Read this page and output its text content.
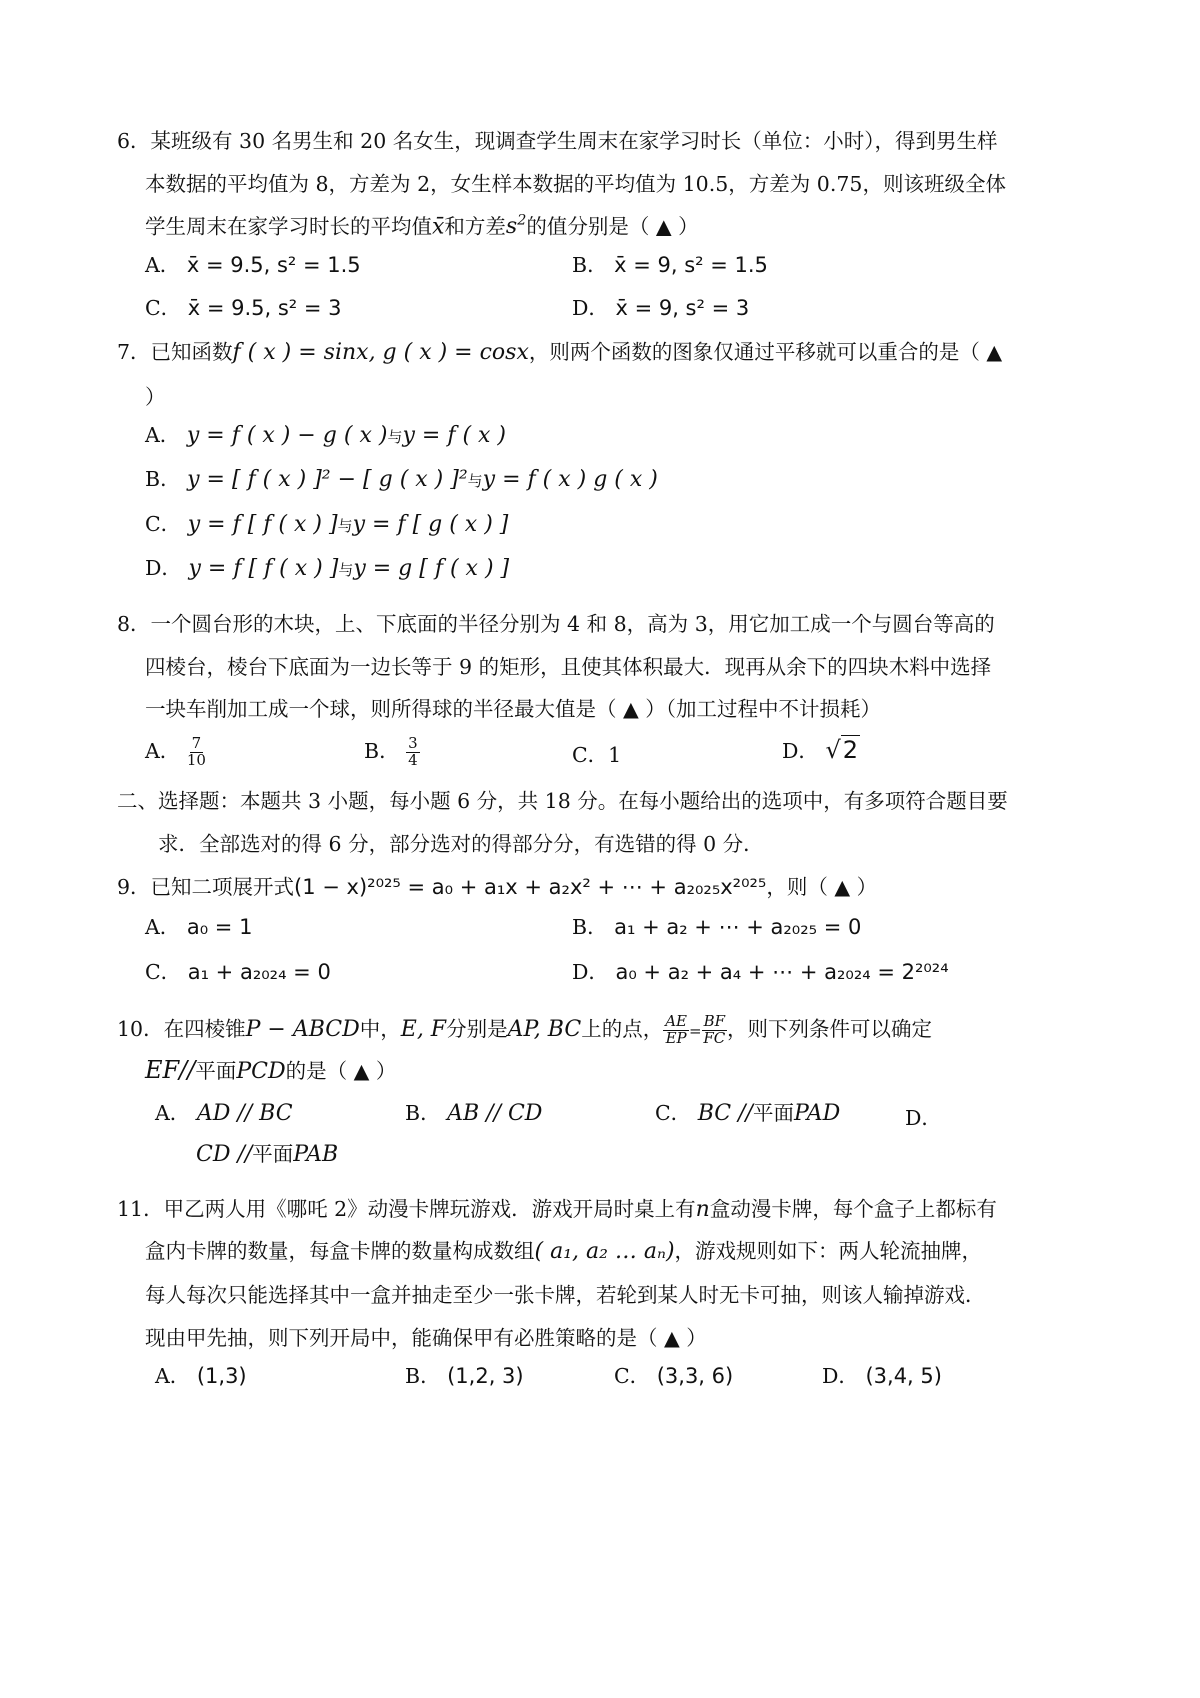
6．某班级有 30 名男生和 20 名女生，现调查学生周末在家学习时长（单位：小时），得到男生样
本数据的平均值为 8，方差为 2，女生样本数据的平均值为 10.5，方差为 0.75，则该班级全体
学生周末在家学习时长的平均值x̄和方差$s^2$的值分别是（ ▲ ）
A． x̄ = 9.5, s² = 1.5	B． x̄ = 9, s² = 1.5
C． x̄ = 9.5, s² = 3	D． x̄ = 9, s² = 3
7．已知函数f ( x ) = sinx, g ( x ) = cosx，则两个函数的图象仅通过平移就可以重合的是（ ▲
）
A． y = f ( x ) − g ( x )与y = f ( x )
B． y = [ f ( x ) ]² − [ g ( x ) ]²与y = f ( x ) g ( x )
C． y = f [ f ( x ) ]与y = f [ g ( x ) ]
D． y = f [ f ( x ) ]与y = g [ f ( x ) ]
8．一个圆台形的木块，上、下底面的半径分别为 4 和 8，高为 3，用它加工成一个与圆台等高的
四棱台，棱台下底面为一边长等于 9 的矩形，且使其体积最大．现再从余下的四块木料中选择
一块车削加工成一个球，则所得球的半径最大值是（ ▲ ）（加工过程中不计损耗）
A． $\frac{7}{10}$	B． $\frac{3}{4}$	C．1	D． √2
二、选择题：本题共 3 小题，每小题 6 分，共 18 分。在每小题给出的选项中，有多项符合题目要
求．全部选对的得 6 分，部分选对的得部分分，有选错的得 0 分．
9．已知二项展开式(1 − x)²⁰²⁵ = a₀ + a₁x + a₂x² + ⋯ + a₂₀₂₅x²⁰²⁵，则（ ▲ ）
A． a₀ = 1	B． a₁ + a₂ + ⋯ + a₂₀₂₅ = 0
C． a₁ + a₂₀₂₄ = 0	D． a₀ + a₂ + a₄ + ⋯ + a₂₀₂₄ = 2²⁰²⁴
10．在四棱锥P − ABCD中，E, F分别是AP, BC上的点， $\frac{AE}{EP} = \frac{BF}{FC}$ ，则下列条件可以确定
EF//平面PCD的是（ ▲ ）
A． AD // BC	B． AB // CD	C． BC //平面PAD	D．
CD //平面PAB
11．甲乙两人用《哪吒 2》动漫卡牌玩游戏．游戏开局时桌上有n盒动漫卡牌，每个盒子上都标有
盒内卡牌的数量，每盒卡牌的数量构成数组( a₁, a₂ … aₙ)，游戏规则如下：两人轮流抽牌，
每人每次只能选择其中一盒并抽走至少一张卡牌，若轮到某人时无卡可抽，则该人输掉游戏．
现由甲先抽，则下列开局中，能确保甲有必胜策略的是（ ▲ ）
A． (1,3)	B． (1,2, 3)	C． (3,3, 6)	D． (3,4, 5)
